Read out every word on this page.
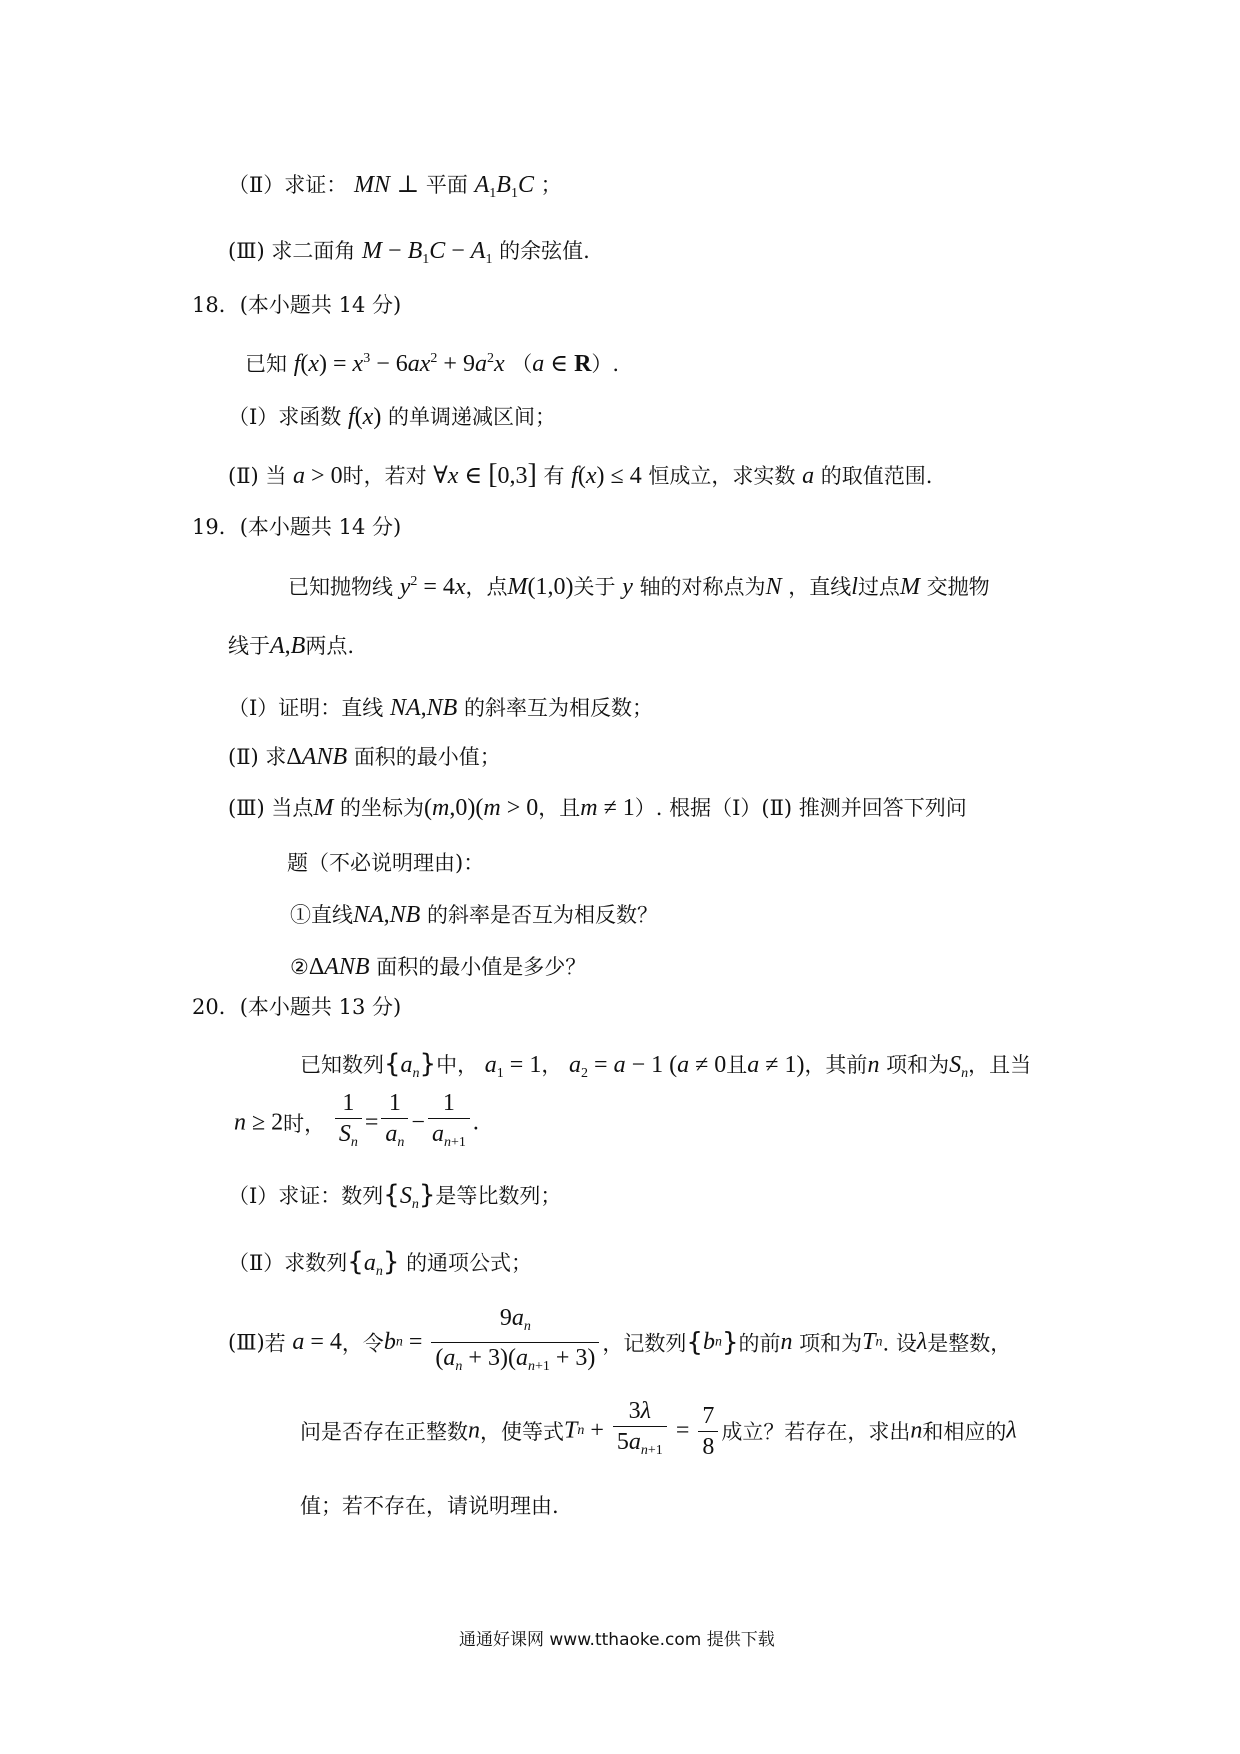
（Ⅱ）求证： MN ⊥ 平面 $A_1B_1C$ ；
(Ⅲ) 求二面角 $M - B_1C - A_1$ 的余弦值.
18．(本小题共 14 分)
已知 $f(x) = x^3 - 6ax^2 + 9a^2x$ （a ∈ R）.
（Ⅰ）求函数 f(x) 的单调递减区间；
(Ⅱ) 当 a > 0时，若对 ∀x ∈ [0,3] 有 f(x) ≤ 4 恒成立，求实数 a 的取值范围.
19．(本小题共 14 分)
已知抛物线 $y^2 = 4x$，点M(1,0)关于 y 轴的对称点为N ，直线l过点M 交抛物
线于A,B两点.
（Ⅰ）证明：直线 NA,NB 的斜率互为相反数；
(Ⅱ) 求ΔANB 面积的最小值；
(Ⅲ) 当点M 的坐标为(m,0)(m > 0，且m ≠ 1）. 根据（Ⅰ）(Ⅱ) 推测并回答下列问
题（不必说明理由)：
①直线NA,NB 的斜率是否互为相反数？
②ΔANB 面积的最小值是多少？
20．(本小题共 13 分)
已知数列$\{a_n\}$中， $a_1 = 1$， $a_2 = a - 1$ (a ≠ 0且a ≠ 1)，其前n 项和为$S_n$，且当
n ≥ 2时， $\frac{1}{S_n} = \frac{1}{a_n} - \frac{1}{a_{n+1}}$ .
（Ⅰ）求证：数列$\{S_n\}$是等比数列；
（Ⅱ）求数列$\{a_n\}$ 的通项公式；
(Ⅲ)若 a = 4，令bn = $\frac{9a_n}{(a_n + 3)(a_{n+1} + 3)}$ ，记数列{bn}的前n 项和为Tn. 设λ是整数，
问是否存在正整数n，使等式$Tn + \frac{3\lambda}{5a_{n+1}} = \frac{7}{8}$ 成立？若存在，求出n和相应的λ
值；若不存在，请说明理由.
通通好课网 www.tthaoke.com 提供下载
